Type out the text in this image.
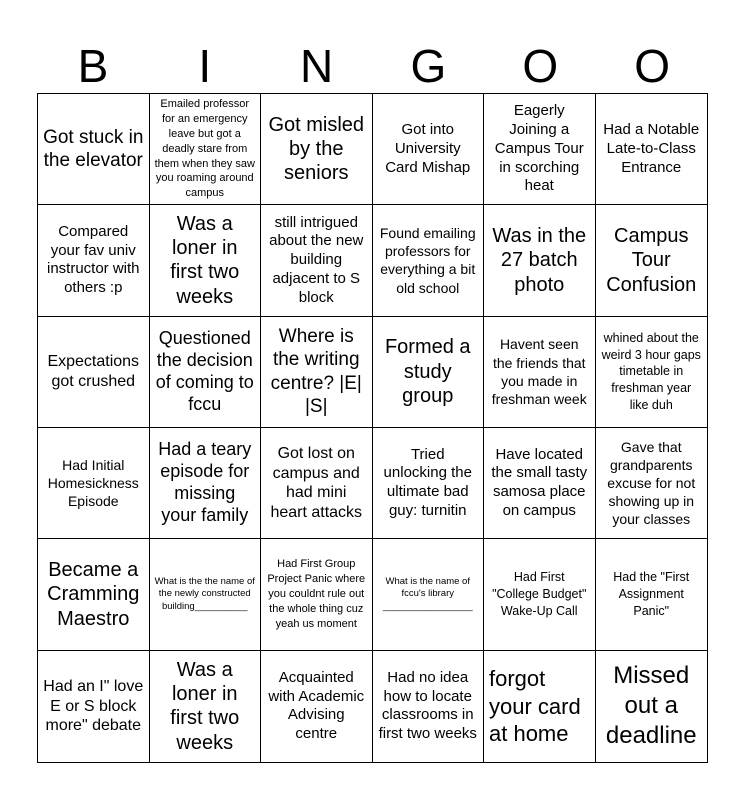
B	I	N	G	O	O
Got stuck in the elevator
Emailed professor for an emergency leave but got a deadly stare from them when they saw you roaming around campus
Got misled by the seniors
Got into University Card Mishap
Eagerly Joining a Campus Tour in scorching heat
Had a Notable Late-to-Class Entrance
Compared your fav univ instructor with others :p
Was a loner in first two weeks
still intrigued about the new building adjacent to S block
Found emailing professors for everything a bit old school
Was in the 27 batch photo
Campus Tour Confusion
Expectations got crushed
Questioned the decision of coming to fccu
Where is the writing centre? |E| |S|
Formed a study group
Havent seen the friends that you made in freshman week
whined about the weird 3 hour gaps timetable in freshman year like duh
Had Initial Homesickness Episode
Had a teary episode for missing your family
Got lost on campus and had mini heart attacks
Tried unlocking the ultimate bad guy: turnitin
Have located the small tasty samosa place on campus
Gave that grandparents excuse for not showing up in your classes
Became a Cramming Maestro
What is the the name of the newly constructed building__________
Had First Group Project Panic where you couldnt rule out the whole thing cuz yeah us moment
What is the name of fccu's library
_________________
Had First "College Budget" Wake-Up Call
Had the "First Assignment Panic"
Had an I" love E or S block more" debate
Was a loner in first two weeks
Acquainted with Academic Advising centre
Had no idea how to locate classrooms in first two weeks
forgot your card at home
Missed out a deadline
